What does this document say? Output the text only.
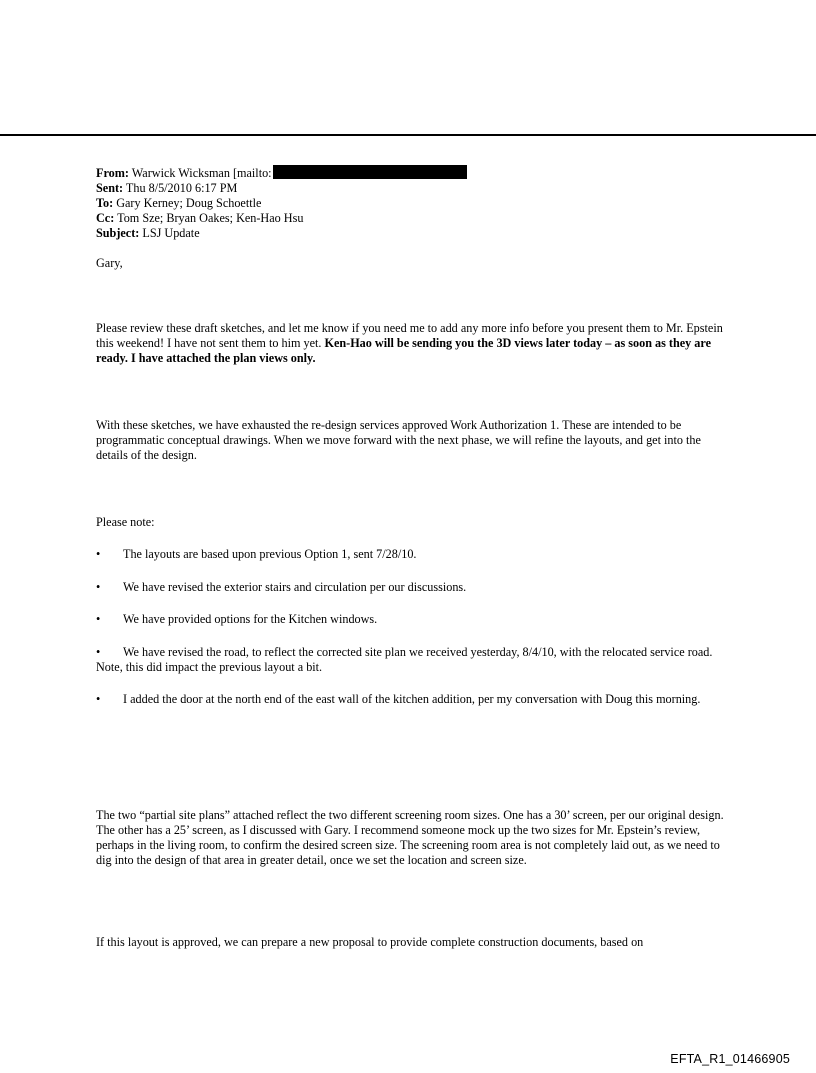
From: Warwick Wicksman [mailto:
Sent: Thu 8/5/2010 6:17 PM
To: Gary Kerney; Doug Schoettle
Cc: Tom Sze; Bryan Oakes; Ken-Hao Hsu
Subject: LSJ Update

Gary,

Please review these draft sketches, and let me know if you need me to add any more info before you present them to Mr. Epstein this weekend! I have not sent them to him yet. Ken-Hao will be sending you the 3D views later today – as soon as they are ready. I have attached the plan views only.

With these sketches, we have exhausted the re-design services approved Work Authorization 1. These are intended to be programmatic conceptual drawings. When we move forward with the next phase, we will refine the layouts, and get into the details of the design.

Please note:

• The layouts are based upon previous Option 1, sent 7/28/10.

• We have revised the exterior stairs and circulation per our discussions.

• We have provided options for the Kitchen windows.

• We have revised the road, to reflect the corrected site plan we received yesterday, 8/4/10, with the relocated service road. Note, this did impact the previous layout a bit.

• I added the door at the north end of the east wall of the kitchen addition, per my conversation with Doug this morning.

The two “partial site plans” attached reflect the two different screening room sizes. One has a 30’ screen, per our original design. The other has a 25’ screen, as I discussed with Gary. I recommend someone mock up the two sizes for Mr. Epstein’s review, perhaps in the living room, to confirm the desired screen size. The screening room area is not completely laid out, as we need to dig into the design of that area in greater detail, once we set the location and screen size.

If this layout is approved, we can prepare a new proposal to provide complete construction documents, based on

EFTA_R1_01466905
